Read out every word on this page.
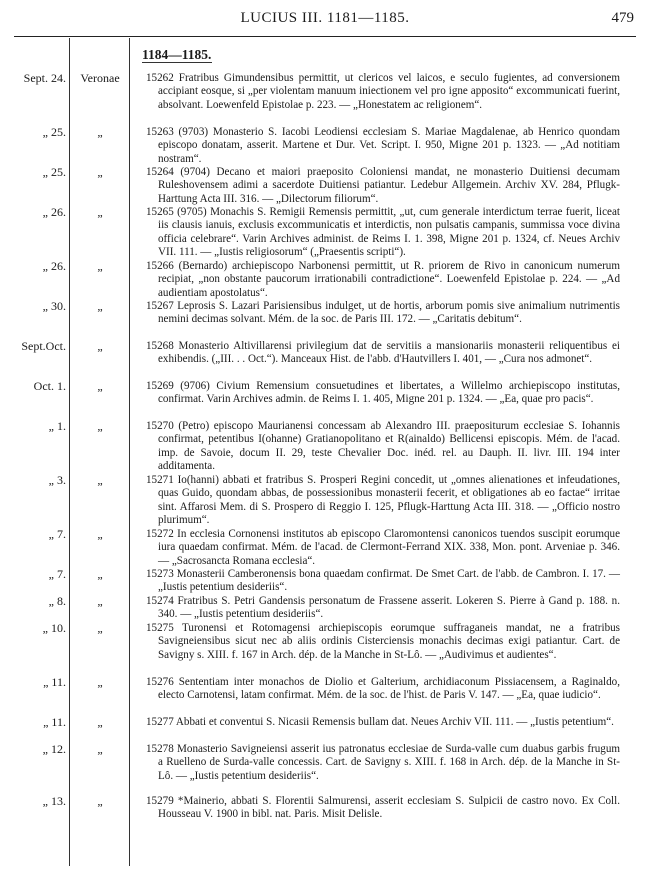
LUCIUS III. 1181—1185.	479
1184—1185.
Sept. 24.	Veronae	15262 Fratribus Gimundensibus permittit, ut clericos vel laicos, e seculo fugientes, ad conversionem accipiant eosque, si „per violentam manuum iniectionem vel pro igne apposito“ excommunicati fuerint, absolvant. Loewenfeld Epistolae p. 223. — „Honestatem ac religionem“.
„ 25.	„	15263 (9703) Monasterio S. Iacobi Leodiensi ecclesiam S. Mariae Magdalenae, ab Henrico quondam episcopo donatam, asserit. Martene et Dur. Vet. Script. I. 950, Migne 201 p. 1323. — „Ad notitiam nostram“.
„ 25.	„	15264 (9704) Decano et maiori praeposito Coloniensi mandat, ne monasterio Duitiensi decumam Ruleshovensem adimi a sacerdote Duitiensi patiantur. Ledebur Allgemein. Archiv XV. 284, Pflugk-Harttung Acta III. 316. — „Dilectorum filiorum“.
„ 26.	„	15265 (9705) Monachis S. Remigii Remensis permittit, „ut, cum generale interdictum terrae fuerit, liceat iis clausis ianuis, exclusis excommunicatis et interdictis, non pulsatis campanis, summissa voce divina officia celebrare“. Varin Archives administ. de Reims I. 1. 398, Migne 201 p. 1324, cf. Neues Archiv VII. 111. — „Iustis religiosorum“ („Praesentis scripti“).
„ 26.	„	15266 (Bernardo) archiepiscopo Narbonensi permittit, ut R. priorem de Rivo in canonicum numerum recipiat, „non obstante paucorum irrationabili contradictione“. Loewenfeld Epistolae p. 224. — „Ad audientiam apostolatus“.
„ 30.	„	15267 Leprosis S. Lazari Parisiensibus indulget, ut de hortis, arborum pomis sive animalium nutrimentis nemini decimas solvant. Mém. de la soc. de Paris III. 172. — „Caritatis debitum“.
Sept.Oct.	„	15268 Monasterio Altivillarensi privilegium dat de servitiis a mansionariis monasterii reliquentibus ei exhibendis. („III. . . Oct.“). Manceaux Hist. de l'abb. d'Hautvillers I. 401, — „Cura nos admonet“.
Oct. 1.	„	15269 (9706) Civium Remensium consuetudines et libertates, a Willelmo archiepiscopo institutas, confirmat. Varin Archives admin. de Reims I. 1. 405, Migne 201 p. 1324. — „Ea, quae pro pacis“.
„ 1.	„	15270 (Petro) episcopo Maurianensi concessam ab Alexandro III. praepositurum ecclesiae S. Iohannis confirmat, petentibus I(ohanne) Gratianopolitano et R(ainaldo) Bellicensi episcopis. Mém. de l'acad. imp. de Savoie, docum II. 29, teste Chevalier Doc. inéd. rel. au Dauph. II. livr. III. 194 inter additamenta.
„ 3.	„	15271 Io(hanni) abbati et fratribus S. Prosperi Regini concedit, ut „omnes alienationes et infeudationes, quas Guido, quondam abbas, de possessionibus monasterii fecerit, et obligationes ab eo factae“ irritae sint. Affarosi Mem. di S. Prospero di Reggio I. 125, Pflugk-Harttung Acta III. 318. — „Officio nostro plurimum“.
„ 7.	„	15272 In ecclesia Cornonensi institutos ab episcopo Claromontensi canonicos tuendos suscipit eorumque iura quaedam confirmat. Mém. de l'acad. de Clermont-Ferrand XIX. 338, Mon. pont. Arveniae p. 346. — „Sacrosancta Romana ecclesia“.
„ 7.	„	15273 Monasterii Camberonensis bona quaedam confirmat. De Smet Cart. de l'abb. de Cambron. I. 17. — „Iustis petentium desideriis“.
„ 8.	„	15274 Fratribus S. Petri Gandensis personatum de Frassene asserit. Lokeren S. Pierre à Gand p. 188. n. 340. — „Iustis petentium desideriis“.
„ 10.	„	15275 Turonensi et Rotomagensi archiepiscopis eorumque suffraganeis mandat, ne a fratribus Savigneiensibus sicut nec ab aliis ordinis Cisterciensis monachis decimas exigi patiantur. Cart. de Savigny s. XIII. f. 167 in Arch. dép. de la Manche in St-Lô. — „Audivimus et audientes“.
„ 11.	„	15276 Sententiam inter monachos de Diolio et Galterium, archidiaconum Pissiacensem, a Raginaldo, electo Carnotensi, latam confirmat. Mém. de la soc. de l'hist. de Paris V. 147. — „Ea, quae iudicio“.
„ 11.	„	15277 Abbati et conventui S. Nicasii Remensis bullam dat. Neues Archiv VII. 111. — „Iustis petentium“.
„ 12.	„	15278 Monasterio Savigneiensi asserit ius patronatus ecclesiae de Surda-valle cum duabus garbis frugum a Ruelleno de Surda-valle concessis. Cart. de Savigny s. XIII. f. 168 in Arch. dép. de la Manche in St-Lô. — „Iustis petentium desideriis“.
„ 13.	„	15279 *Mainerio, abbati S. Florentii Salmurensi, asserit ecclesiam S. Sulpicii de castro novo. Ex Coll. Housseau V. 1900 in bibl. nat. Paris. Misit Delisle.
